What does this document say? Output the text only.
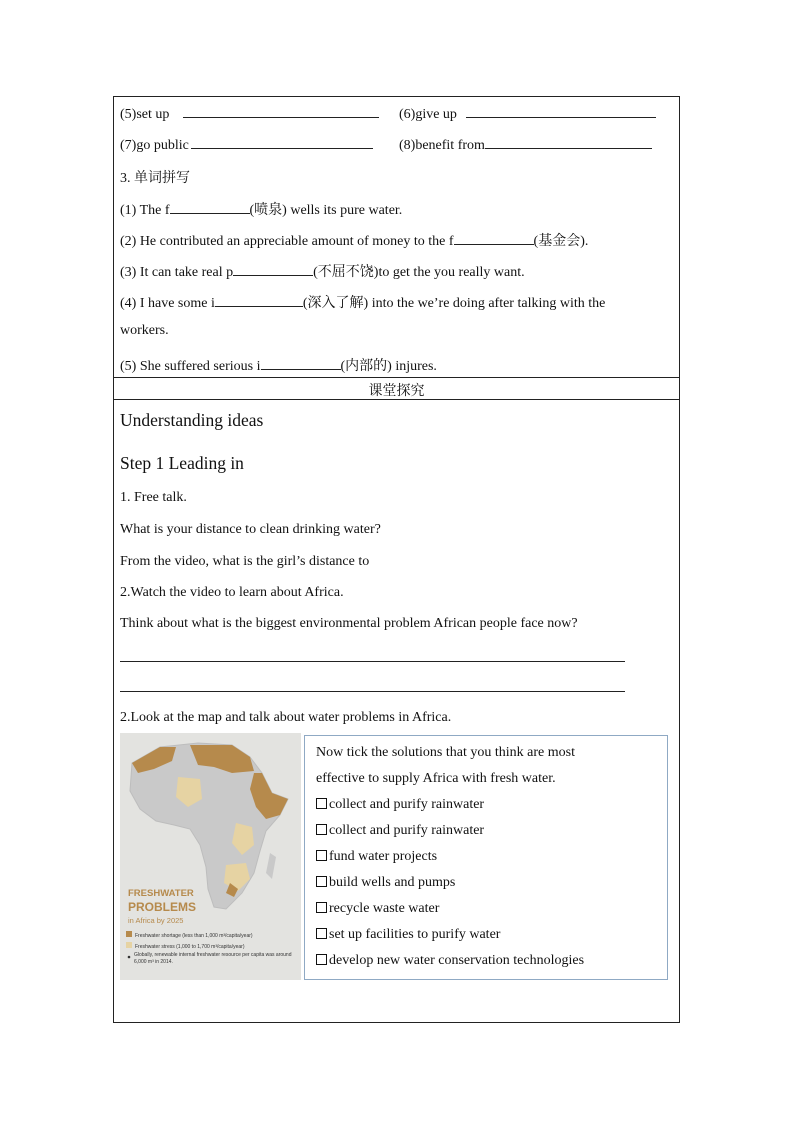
(5)set up	(6)give up
(7)go public	(8)benefit from
3. 单词拼写
(1) The f	(喷泉) wells its pure water.
(2) He contributed an appreciable amount of money to the f	(基金会).
(3) It can take real p	(不屈不饶)to get the you really want.
(4) I have some i	(深入了解) into the we’re doing after talking with the
workers.
(5) She suffered serious i	(内部的) injures.
课堂探究
Understanding ideas
Step 1 Leading in
1. Free talk.
What is your distance to clean drinking water?
From the video, what is the girl’s distance to
2.Watch the video to learn about Africa.
Think about what is the biggest environmental problem African people face now?
2.Look at the map and talk about water problems in Africa.
FRESHWATER
PROBLEMS
in Africa by 2025
Freshwater shortage (less than 1,000 m³/capita/year)
Freshwater stress (1,000 to 1,700 m³/capita/year)
Globally, renewable internal freshwater resource per capita was around 6,000 m³ in 2014.
Now tick the solutions that you think are most
effective to supply Africa with fresh water.
collect and purify rainwater
collect and purify rainwater
fund water projects
build wells and pumps
recycle waste water
set up facilities to purify water
develop new water conservation technologies
